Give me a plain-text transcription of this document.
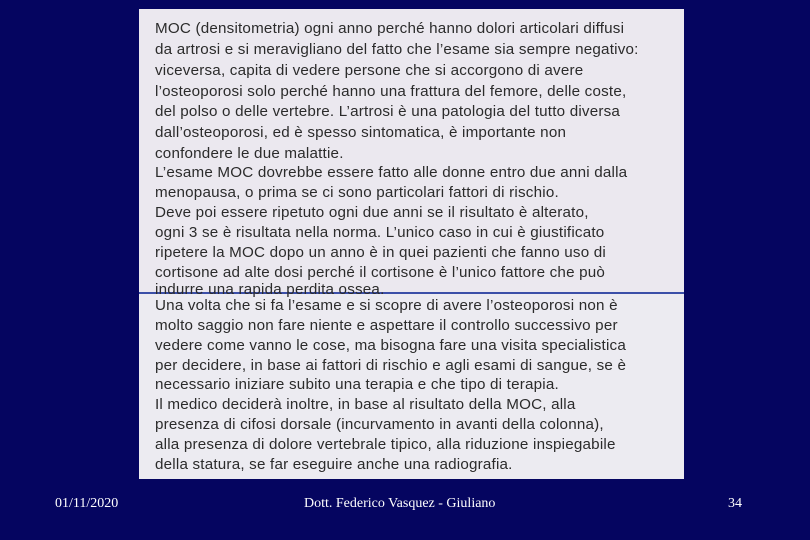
MOC (densitometria) ogni anno perché hanno dolori articolari diffusi
da artrosi e si meravigliano del fatto che l’esame sia sempre negativo:
viceversa, capita di vedere persone che si accorgono di avere
l’osteoporosi solo perché hanno una frattura del femore, delle coste,
del polso o delle vertebre. L’artrosi è una patologia del tutto diversa
dall’osteoporosi, ed è spesso sintomatica, è importante non
confondere le due malattie.
L’esame MOC dovrebbe essere fatto alle donne entro due anni dalla
menopausa, o prima se ci sono particolari fattori di rischio.
Deve poi essere ripetuto ogni due anni se il risultato è alterato,
ogni 3 se è risultata nella norma. L’unico caso in cui è giustificato
ripetere la MOC dopo un anno è in quei pazienti che fanno uso di
cortisone ad alte dosi perché il cortisone è l’unico fattore che può
indurre una rapida perdita ossea.
Una volta che si fa l’esame e si scopre di avere l’osteoporosi non è
molto saggio non fare niente e aspettare il controllo successivo per
vedere come vanno le cose, ma bisogna fare una visita specialistica
per decidere, in base ai fattori di rischio e agli esami di sangue, se è
necessario iniziare subito una terapia e che tipo di terapia.
Il medico deciderà inoltre, in base al risultato della MOC, alla
presenza di cifosi dorsale (incurvamento in avanti della colonna),
alla presenza di dolore vertebrale tipico, alla riduzione inspiegabile
della statura, se far eseguire anche una radiografia.
01/11/2020	Dott. Federico Vasquez - Giuliano	34
